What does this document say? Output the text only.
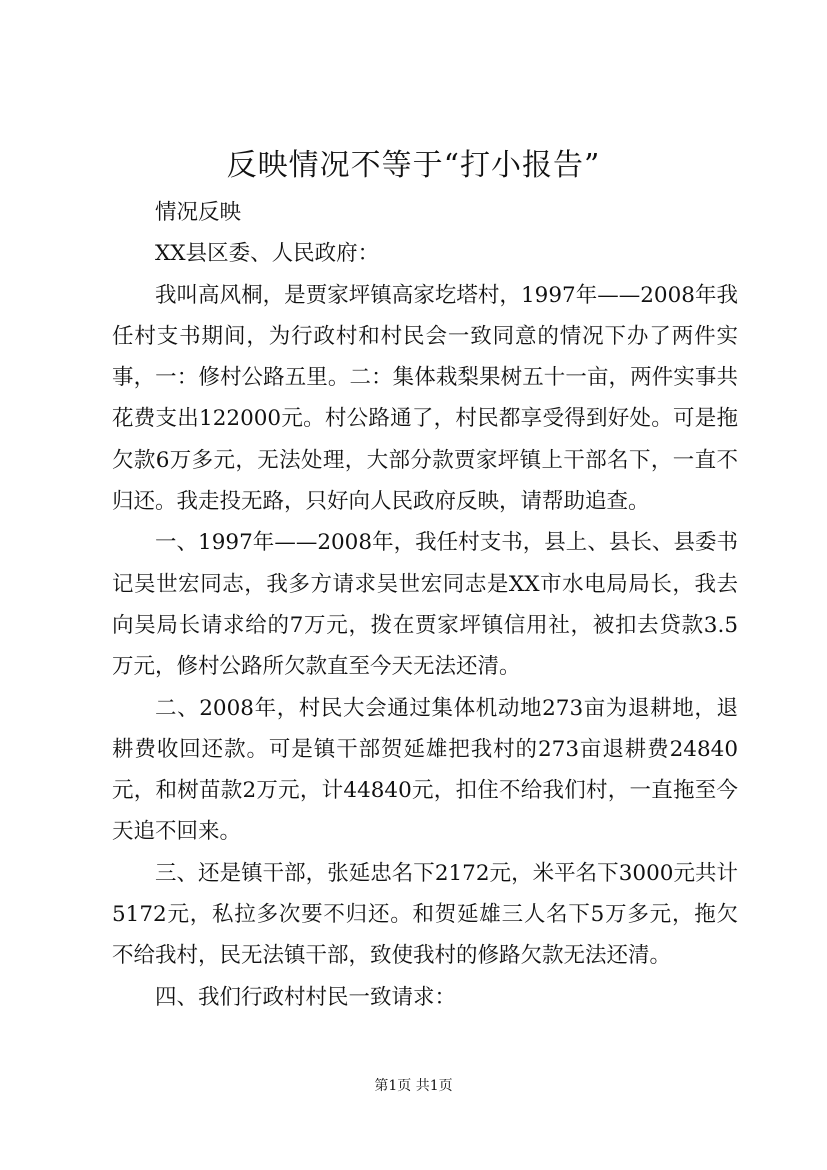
反映情况不等于“打小报告”

情况反映

XX县区委、人民政府：

我叫高风桐，是贾家坪镇高家圪塔村，1997年——2008年我任村支书期间，为行政村和村民会一致同意的情况下办了两件实事，一：修村公路五里。二：集体栽梨果树五十一亩，两件实事共花费支出122000元。村公路通了，村民都享受得到好处。可是拖欠款6万多元，无法处理，大部分款贾家坪镇上干部名下，一直不归还。我走投无路，只好向人民政府反映，请帮助追查。

一、1997年——2008年，我任村支书，县上、县长、县委书记吴世宏同志，我多方请求吴世宏同志是XX市水电局局长，我去向吴局长请求给的7万元，拨在贾家坪镇信用社，被扣去贷款3.5万元，修村公路所欠款直至今天无法还清。

二、2008年，村民大会通过集体机动地273亩为退耕地，退耕费收回还款。可是镇干部贺延雄把我村的273亩退耕费24840元，和树苗款2万元，计44840元，扣住不给我们村，一直拖至今天追不回来。

三、还是镇干部，张延忠名下2172元，米平名下3000元共计5172元，私拉多次要不归还。和贺延雄三人名下5万多元，拖欠不给我村，民无法镇干部，致使我村的修路欠款无法还清。

四、我们行政村村民一致请求：

第1页 共1页
